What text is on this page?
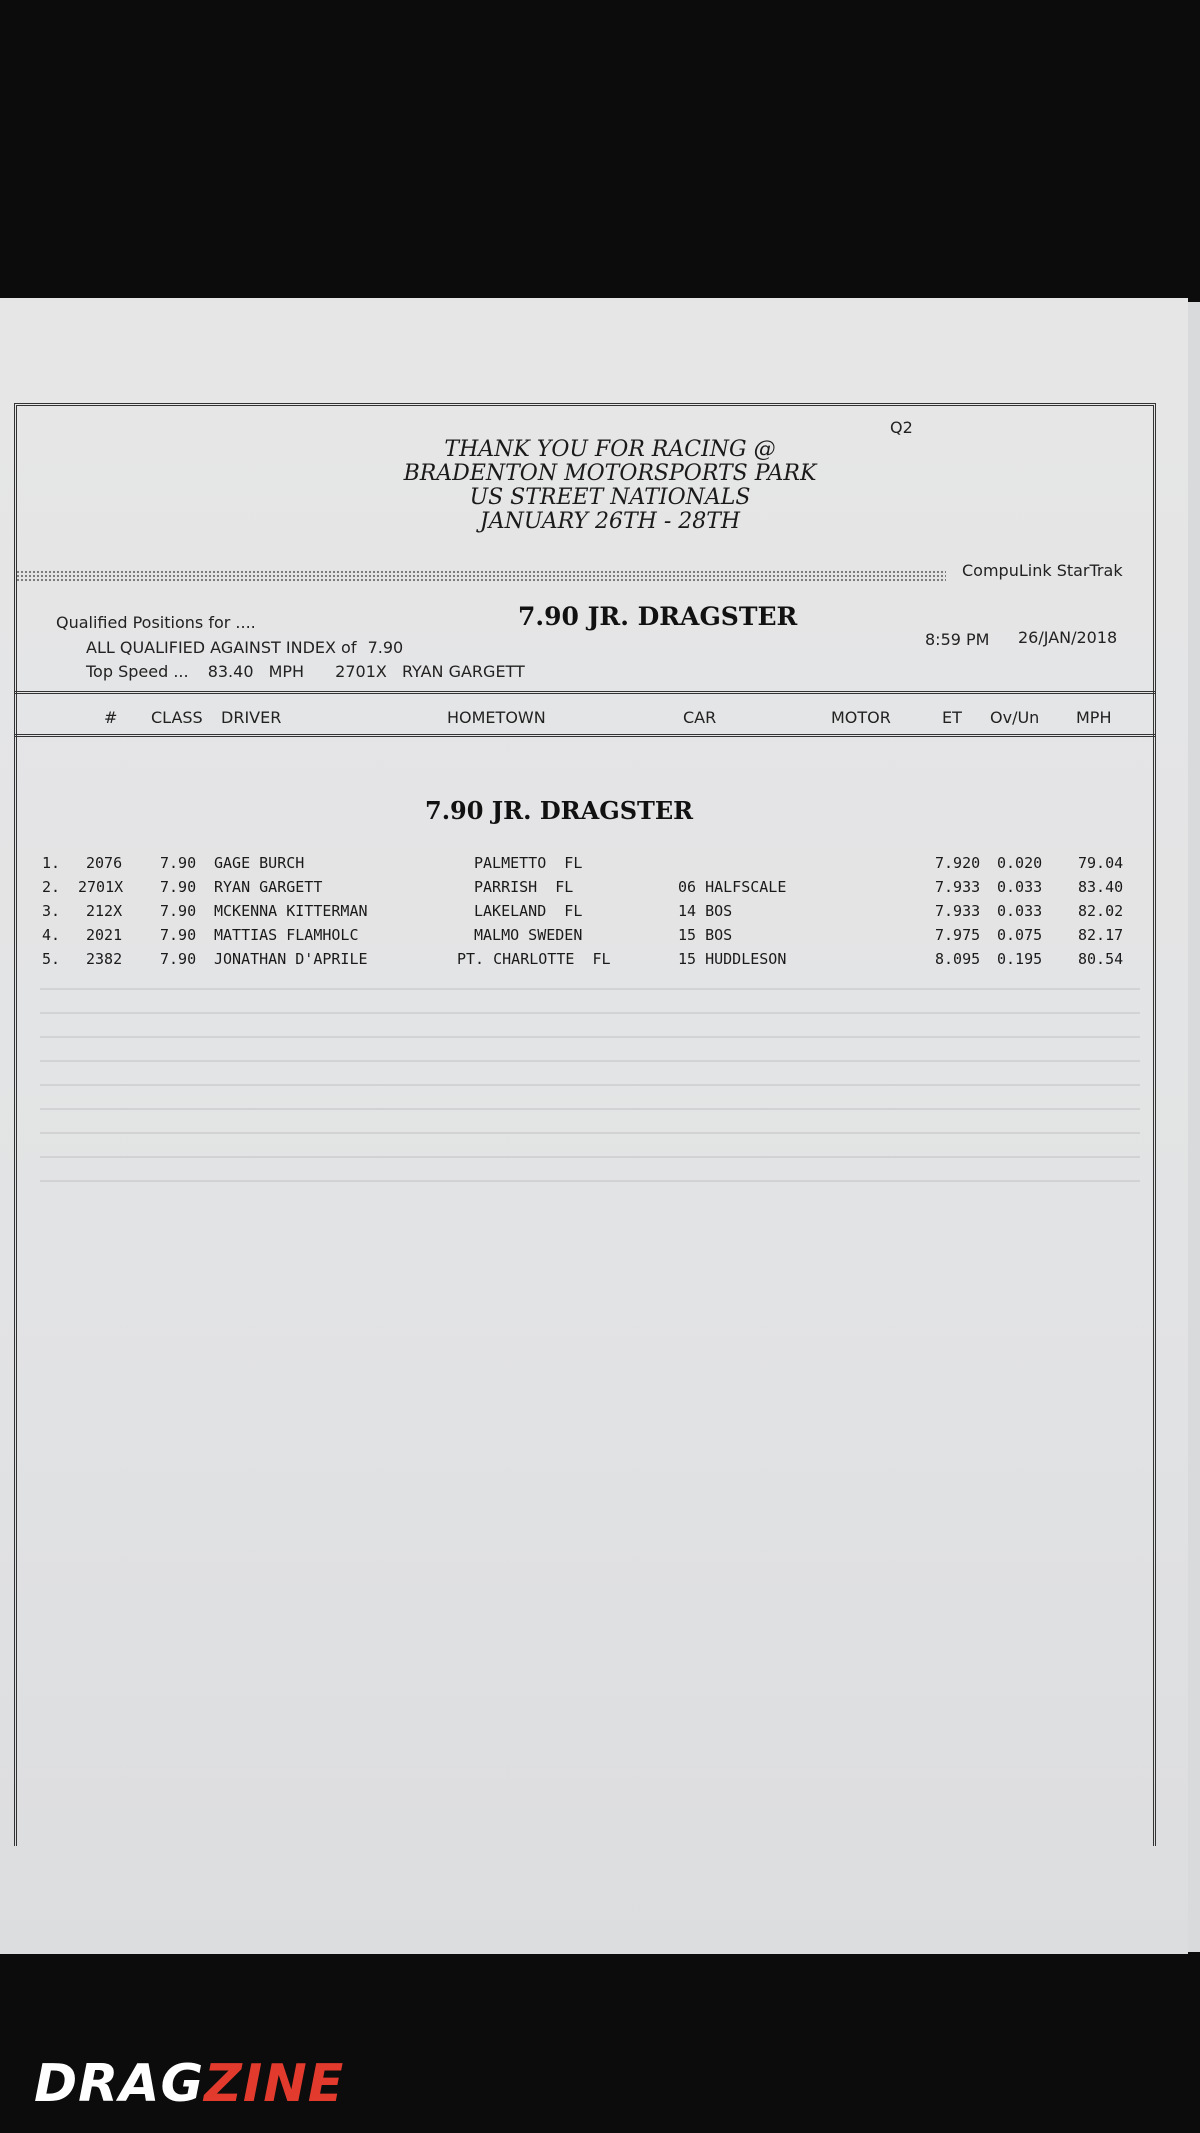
Q2
THANK YOU FOR RACING @
BRADENTON MOTORSPORTS PARK
US STREET NATIONALS
JANUARY 26TH - 28TH
CompuLink StarTrak
Qualified Positions for ....	7.90 JR. DRAGSTER
ALL QUALIFIED AGAINST INDEX of 7.90
Top Speed ... 83.40 MPH 2701X RYAN GARGETT
8:59 PM 26/JAN/2018
# CLASS DRIVER	HOMETOWN	CAR	MOTOR	ET Ov/Un MPH
7.90 JR. DRAGSTER
1. 2076	7.90 GAGE BURCH	PALMETTO  FL	7.920 0.020 79.04
2. 2701X 7.90 RYAN GARGETT	PARRISH  FL	06 HALFSCALE	7.933 0.033 83.40
3. 212X	7.90 MCKENNA KITTERMAN	LAKELAND  FL	14 BOS	7.933 0.033 82.02
4. 2021	7.90 MATTIAS FLAMHOLC	MALMO SWEDEN	15 BOS	7.975 0.075 82.17
5. 2382	7.90 JONATHAN D'APRILE	PT. CHARLOTTE  FL	15 HUDDLESON	8.095 0.195 80.54
DRAGZINE
